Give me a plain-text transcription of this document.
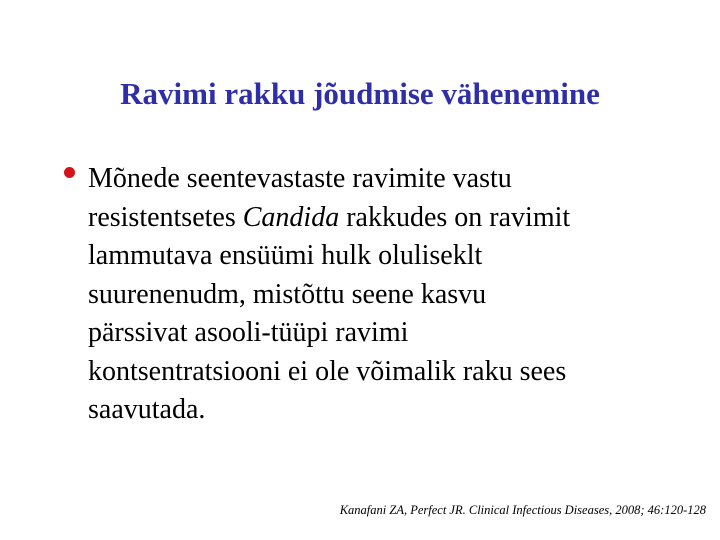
Ravimi rakku jõudmise vähenemine
Mõnede seentevastaste ravimite vastu
resistentsetes Candida rakkudes on ravimit
lammutava ensüümi hulk oluliseklt
suurenenudm, mistõttu seene kasvu
pärssivat asooli-tüüpi ravimi
kontsentratsiooni ei ole võimalik raku sees
saavutada.
Kanafani ZA, Perfect JR. Clinical Infectious Diseases, 2008; 46:120-128
